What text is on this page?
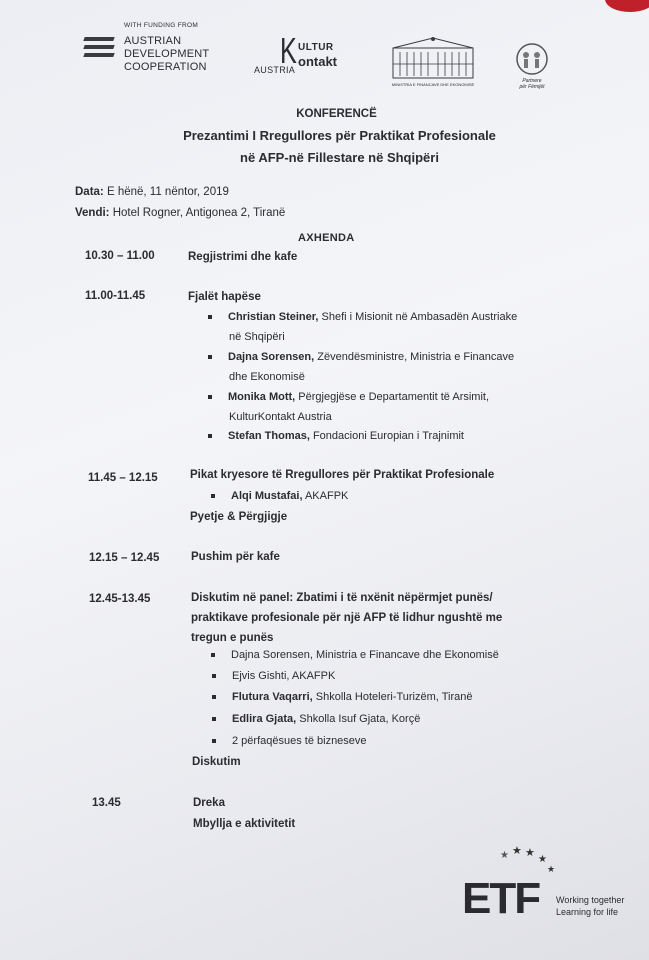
WITH FUNDING FROM
AUSTRIAN
DEVELOPMENT
COOPERATION K ULTUR
ontakt
AUSTRIA
MINISTRIA E FINANCAVE DHE EKONOMISË
Partnere
për Fëmijët
KONFERENCË
Prezantimi I Rregullores për Praktikat Profesionale
në AFP-në Fillestare në Shqipëri
Data: E hënë, 11 nëntor, 2019
Vendi: Hotel Rogner, Antigonea 2, Tiranë
AXHENDA
10.30 – 11.00	Regjistrimi dhe kafe
11.00-11.45	Fjalët hapëse
Christian Steiner, Shefi i Misionit në Ambasadën Austriake
në Shqipëri
Dajna Sorensen, Zëvendësministre, Ministria e Financave
dhe Ekonomisë
Monika Mott, Përgjegjëse e Departamentit të Arsimit,
KulturKontakt Austria
Stefan Thomas, Fondacioni Europian i Trajnimit
11.45 – 12.15	Pikat kryesore të Rregullores për Praktikat Profesionale
Alqi Mustafai, AKAFPK
Pyetje & Përgjigje
12.15 – 12.45	Pushim për kafe
12.45-13.45	Diskutim në panel: Zbatimi i të nxënit nëpërmjet punës/
praktikave profesionale për një AFP të lidhur ngushtë me
tregun e punës
Dajna Sorensen, Ministria e Financave dhe Ekonomisë
Ejvis Gishti, AKAFPK
Flutura Vaqarri, Shkolla Hoteleri-Turizëm, Tiranë
Edlira Gjata, Shkolla Isuf Gjata, Korçë
2 përfaqësues të bizneseve
Diskutim
13.45	Dreka
Mbyllja e aktivitetit
★ ★ ★
★
★
ETF Working together
Learning for life
